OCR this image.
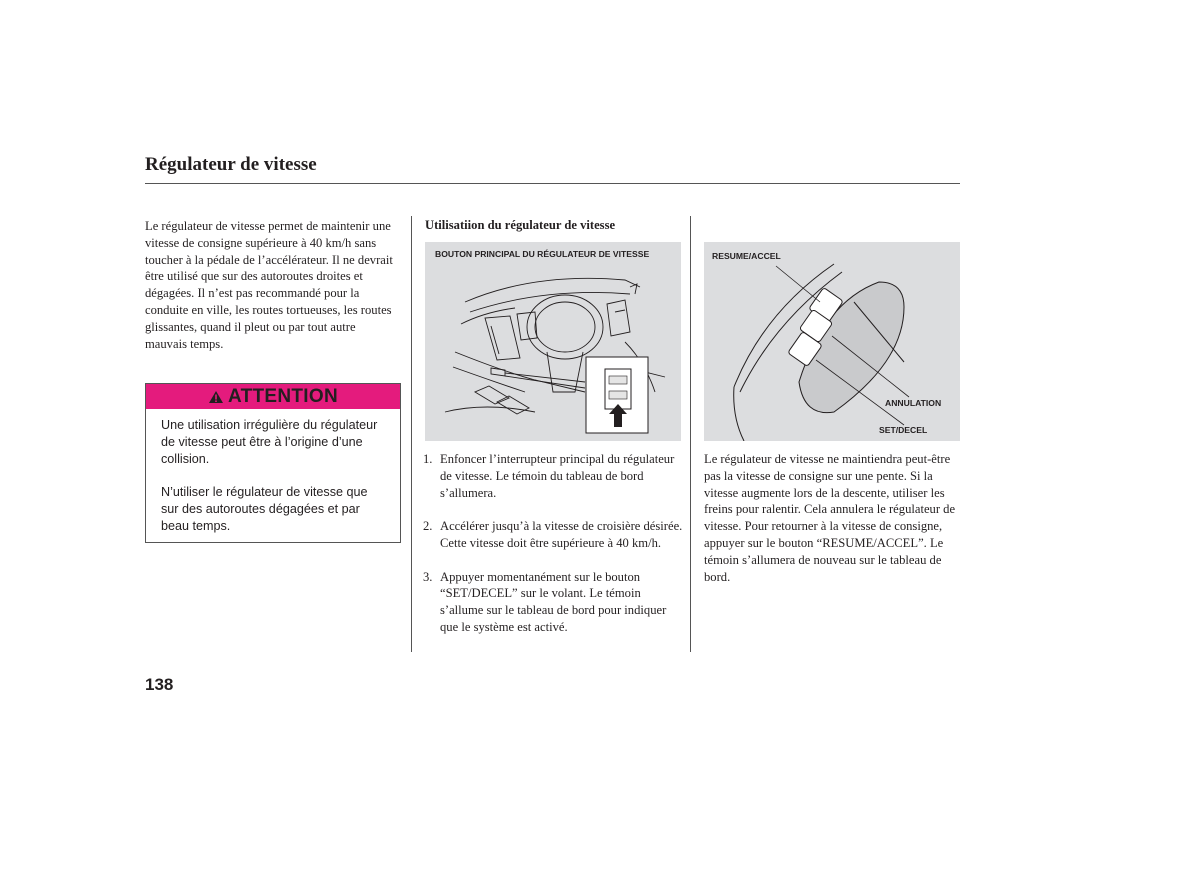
Régulateur de vitesse
Le régulateur de vitesse permet de maintenir une vitesse de consigne supérieure à 40 km/h sans toucher à la pédale de l’accélérateur. Il ne devrait être utilisé que sur des autoroutes droites et dégagées. Il n’est pas recommandé pour la conduite en ville, les routes tortueuses, les routes glissantes, quand il pleut ou par tout autre mauvais temps.
ATTENTION

Une utilisation irrégulière du régulateur de vitesse peut être à l’origine d’une collision.

N’utiliser le régulateur de vitesse que sur des autoroutes dégagées et par beau temps.

Utilisatiion du régulateur de vitesse
BOUTON PRINCIPAL DU RÉGULATEUR DE VITESSE	RESUME/ACCEL
ANNULATION
SET/DECEL
1. Enfoncer l’interrupteur principal du régulateur de vitesse. Le témoin du tableau de bord s’allumera.
2. Accélérer jusqu’à la vitesse de croisière désirée. Cette vitesse doit être supérieure à 40 km/h.
3. Appuyer momentanément sur le bouton “SET/DECEL” sur le volant. Le témoin s’allume sur le tableau de bord pour indiquer que le système est activé.
Le régulateur de vitesse ne maintiendra peut-être pas la vitesse de consigne sur une pente. Si la vitesse augmente lors de la descente, utiliser les freins pour ralentir. Cela annulera le régulateur de vitesse. Pour retourner à la vitesse de consigne, appuyer sur le bouton “RESUME/ACCEL”. Le témoin s’allumera de nouveau sur le tableau de bord.
138
